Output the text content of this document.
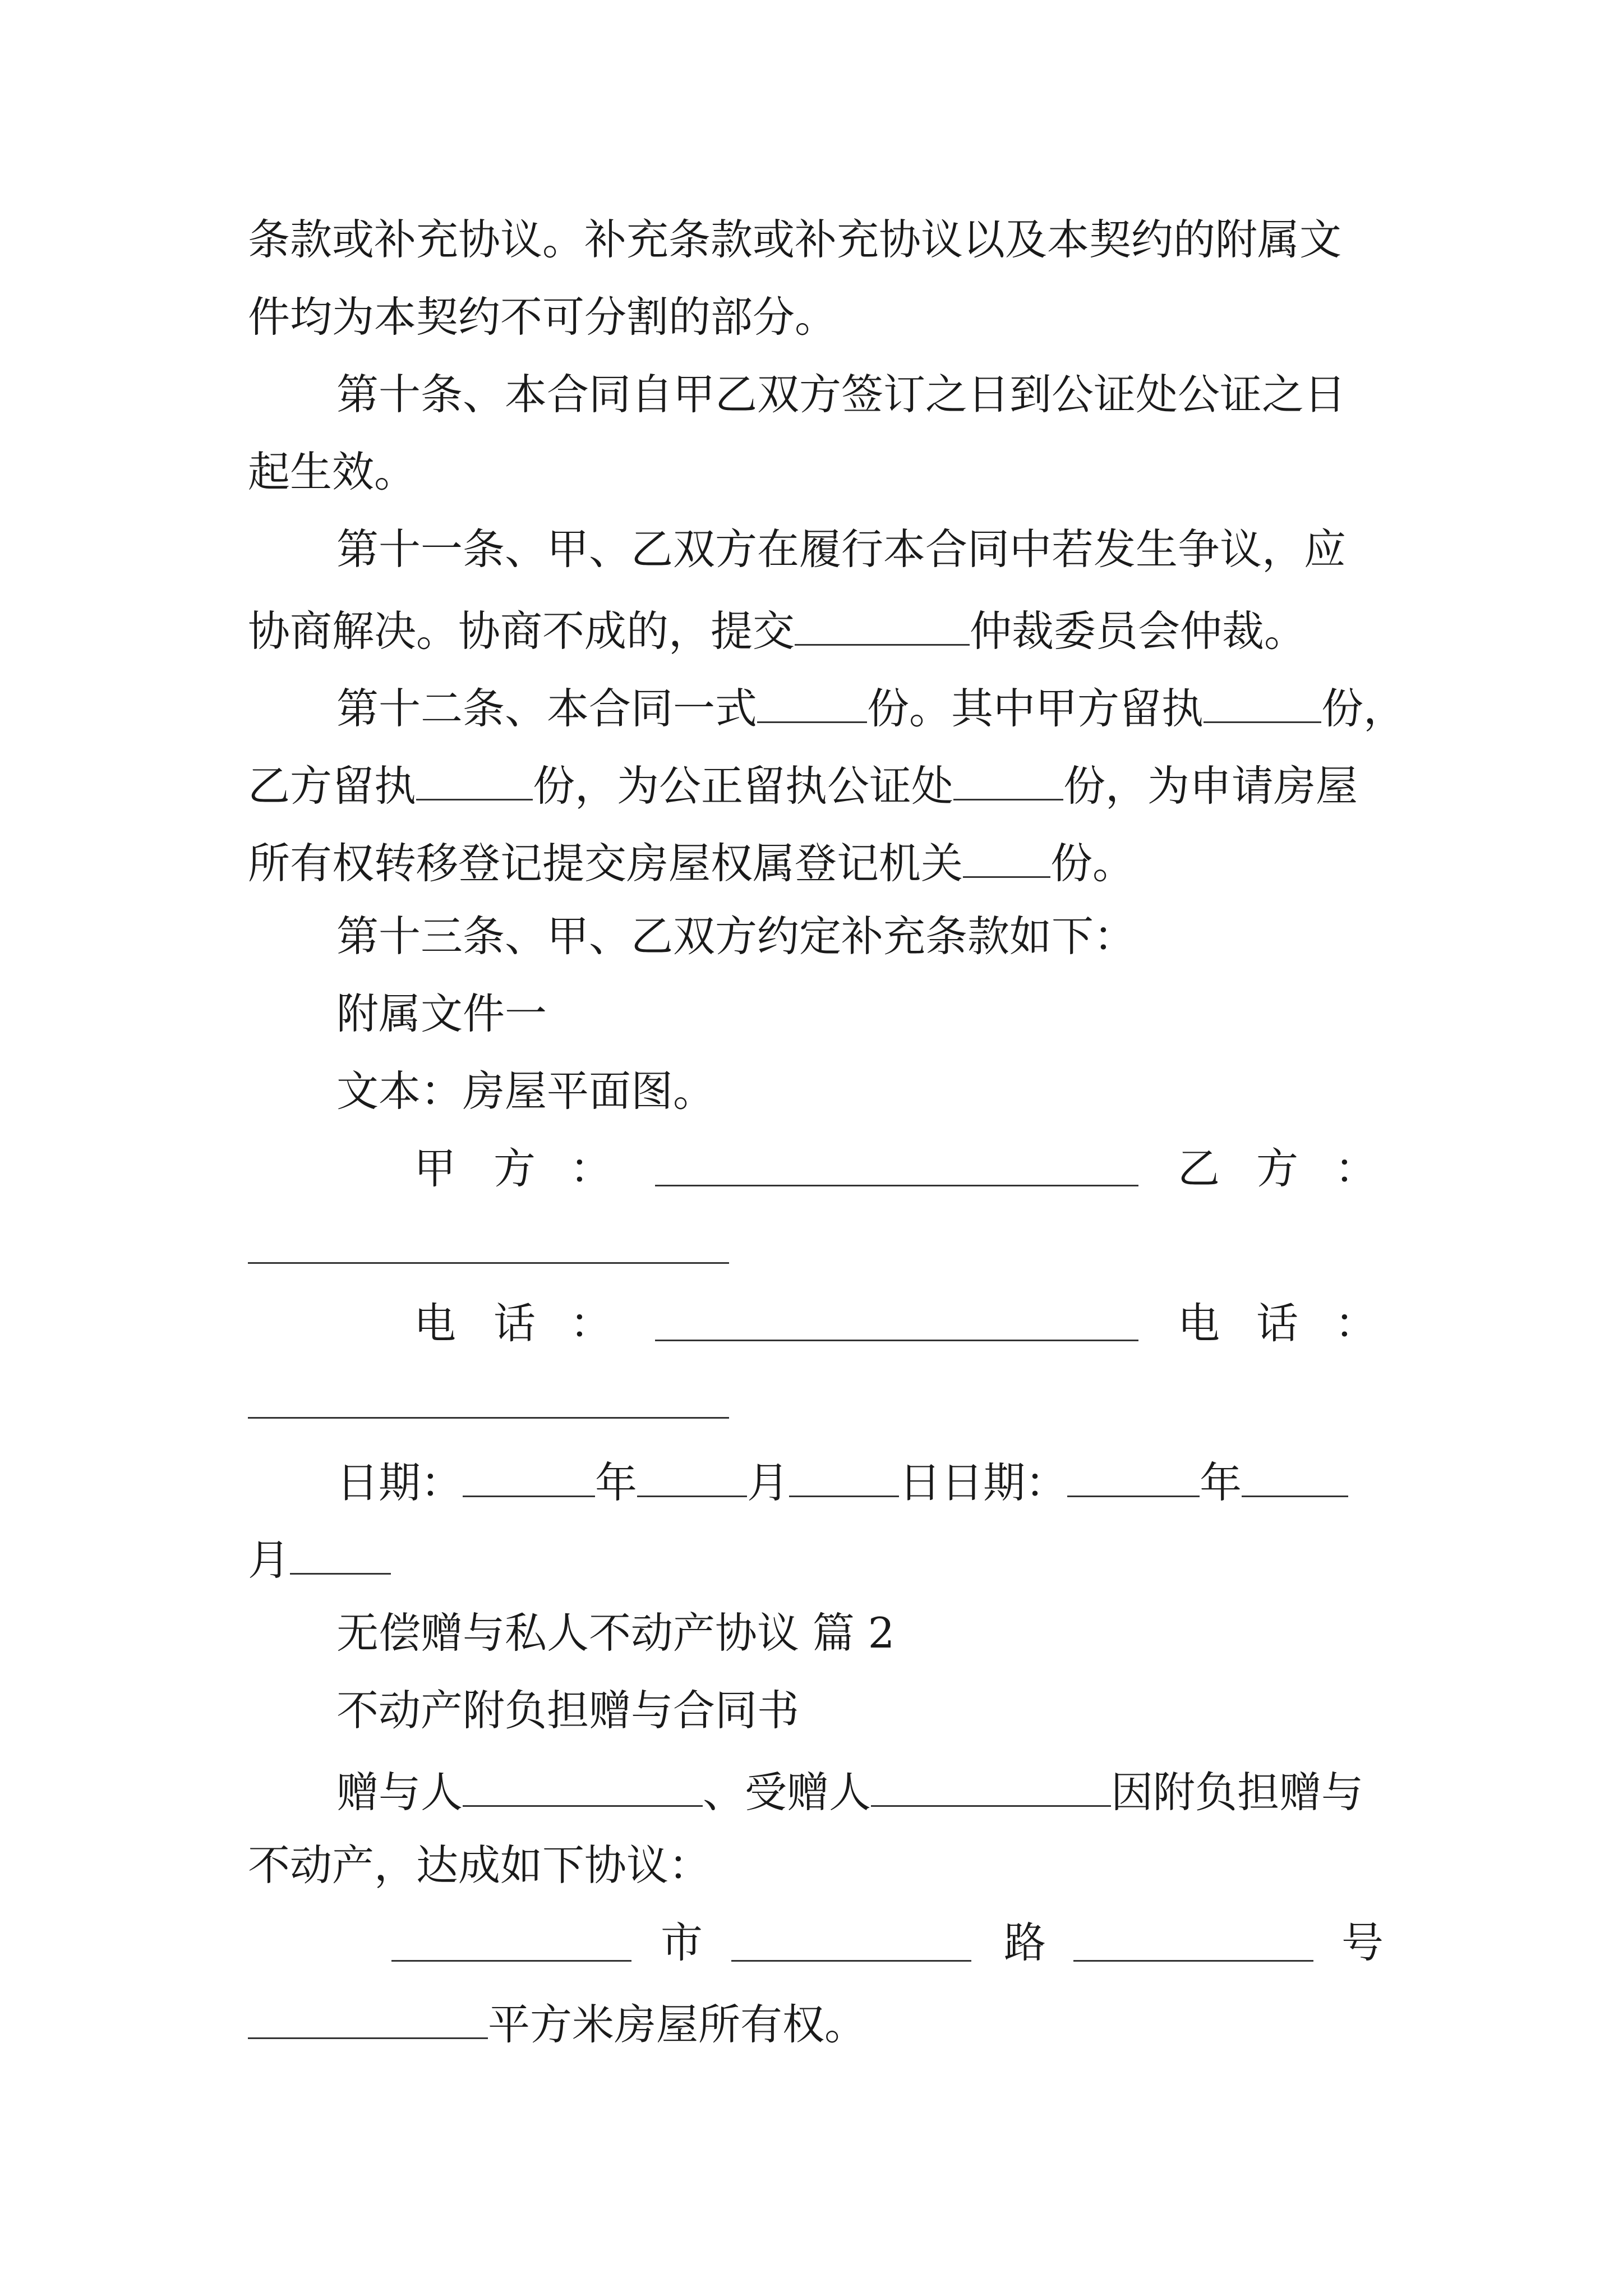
条款或补充协议。补充条款或补充协议以及本契约的附属文
件均为本契约不可分割的部分。
第十条、本合同自甲乙双方签订之日到公证处公证之日
起生效。
第十一条、甲、乙双方在履行本合同中若发生争议，应
协商解决。协商不成的，提交	仲裁委员会仲裁。
第十二条、本合同一式	份。其中甲方留执	份，
乙方留执	份，为公正留执公证处	份，为申请房屋
所有权转移登记提交房屋权属登记机关 份。
第十三条、甲、乙双方约定补充条款如下：
附属文件一
文本：房屋平面图。
甲 方 ：	乙 方 ：
电 话 ：	电 话 ：
日期：	年	月	日日期：	年
月
无偿赠与私人不动产协议 篇 2
不动产附负担赠与合同书
赠与人	、受赠人	因附负担赠与
不动产，达成如下协议：
市	路	号
平方米房屋所有权。
